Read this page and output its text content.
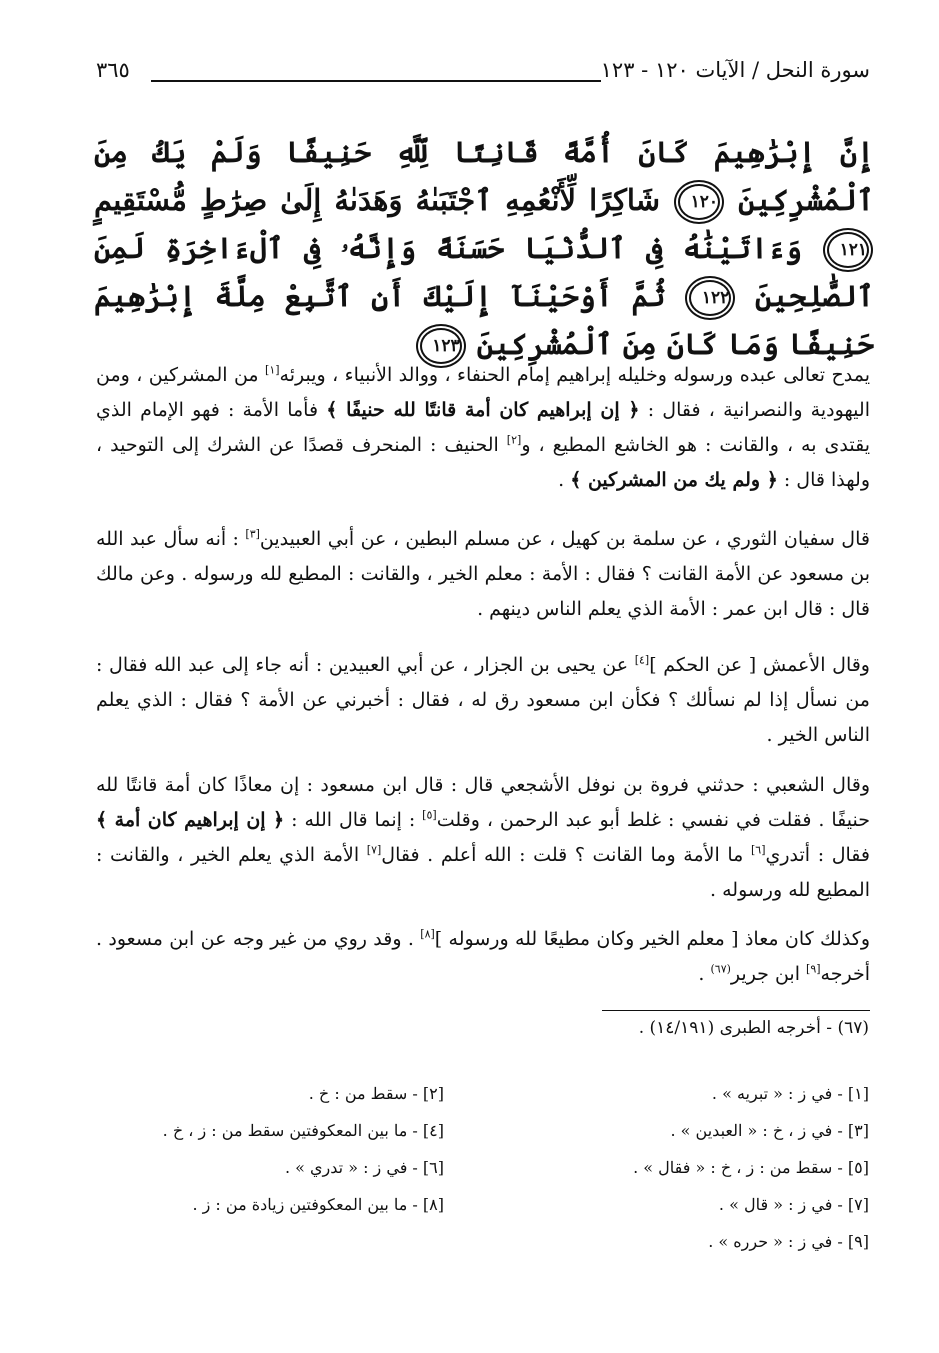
سورة النحل / الآيات ١٢٠ - ١٢٣
٣٦٥
إِنَّ إِبْرَٰهِيمَ كَانَ أُمَّةً قَانِتًا لِّلَّهِ حَنِيفًا وَلَمْ يَكُ مِنَ ٱلْمُشْرِكِينَ ١٢٠ شَاكِرًا لِّأَنْعُمِهِ ٱجْتَبَىٰهُ وَهَدَىٰهُ إِلَىٰ صِرَٰطٍ مُّسْتَقِيمٍ ١٢١ وَءَاتَيْنَٰهُ فِى ٱلدُّنْيَا حَسَنَةً وَإِنَّهُۥ فِى ٱلْءَاخِرَةِ لَمِنَ ٱلصَّٰلِحِينَ ١٢٢ ثُمَّ أَوْحَيْنَآ إِلَيْكَ أَنِ ٱتَّبِعْ مِلَّةَ إِبْرَٰهِيمَ حَنِيفًا وَمَا كَانَ مِنَ ٱلْمُشْرِكِينَ ١٢٣

يمدح تعالى عبده ورسوله وخليله إبراهيم إمام الحنفاء ، ووالد الأنبياء ، ويبرئه[١] من المشركين ، ومن اليهودية والنصرانية ، فقال : ﴿ إن إبراهيم كان أمة قانتًا لله حنيفًا ﴾ فأما الأمة : فهو الإمام الذي يقتدى به ، والقانت : هو الخاشع المطيع ، و[٢] الحنيف : المنحرف قصدًا عن الشرك إلى التوحيد ، ولهذا قال : ﴿ ولم يك من المشركين ﴾ .

قال سفيان الثوري ، عن سلمة بن كهيل ، عن مسلم البطين ، عن أبي العبيدين[٣] : أنه سأل عبد الله بن مسعود عن الأمة القانت ؟ فقال : الأمة : معلم الخير ، والقانت : المطيع لله ورسوله . وعن مالك قال : قال ابن عمر : الأمة الذي يعلم الناس دينهم .

وقال الأعمش [ عن الحكم ][٤] عن يحيى بن الجزار ، عن أبي العبيدين : أنه جاء إلى عبد الله فقال : من نسأل إذا لم نسألك ؟ فكأن ابن مسعود رق له ، فقال : أخبرني عن الأمة ؟ فقال : الذي يعلم الناس الخير .

وقال الشعبي : حدثني فروة بن نوفل الأشجعي قال : قال ابن مسعود : إن معاذًا كان أمة قانتًا لله حنيفًا . فقلت في نفسي : غلط أبو عبد الرحمن ، وقلت[٥] : إنما قال الله : ﴿ إن إبراهيم كان أمة ﴾ فقال : أتدري[٦] ما الأمة وما القانت ؟ قلت : الله أعلم . فقال[٧] الأمة الذي يعلم الخير ، والقانت : المطيع لله ورسوله .

وكذلك كان معاذ [ معلم الخير وكان مطيعًا لله ورسوله ][٨] . وقد روي من غير وجه عن ابن مسعود . أخرجه[٩] ابن جرير$^{(٦٧)}$ .

(٦٧) - أخرجه الطبرى (١٤/١٩١) .
[١] - في ز : « تبريه » .
[٣] - في ز ، خ : « العبدين » .
[٥] - سقط من : ز ، خ : « فقال » .
[٧] - في ز : « قال » .
[٩] - في ز : « حرره » .
[٢] - سقط من : خ .
[٤] - ما بين المعكوفتين سقط من : ز ، خ .
[٦] - في ز : « تدري » .
[٨] - ما بين المعكوفتين زيادة من : ز .
